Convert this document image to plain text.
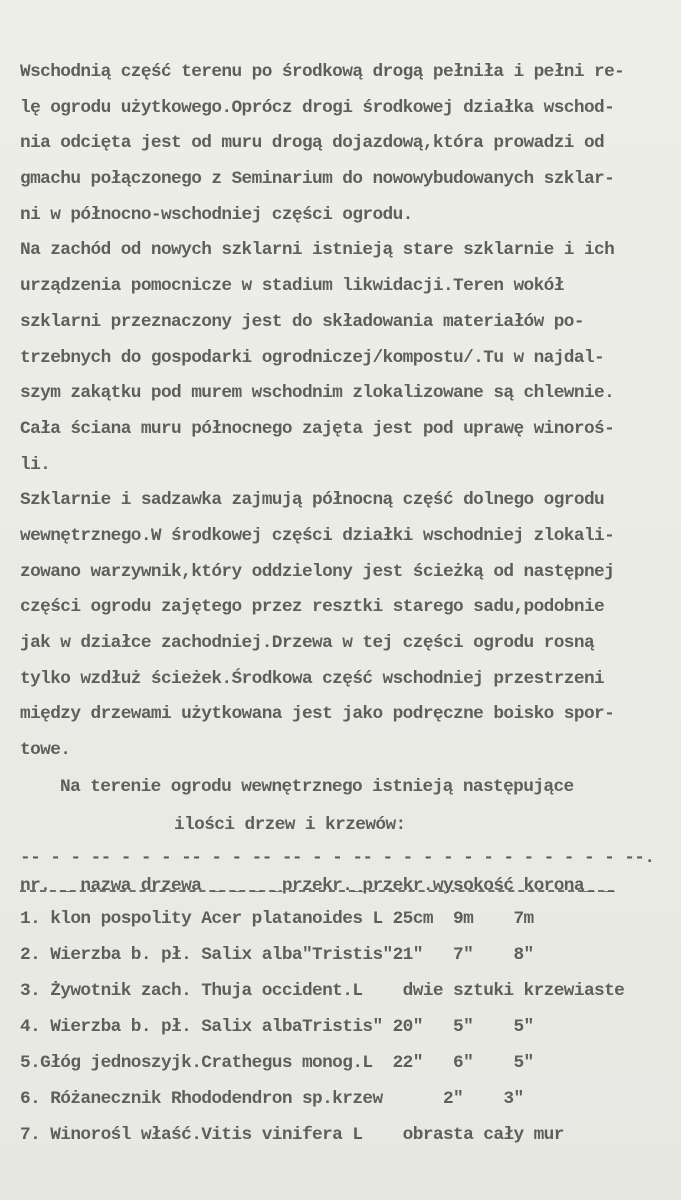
Wschodnią część terenu po środkową drogą pełniła i pełni re-
lę ogrodu użytkowego.Oprócz drogi środkowej działka wschod-
nia odcięta jest od muru drogą dojazdową,która prowadzi od
gmachu połączonego z Seminarium do nowowybudowanych szklar-
ni w północno-wschodniej części ogrodu.
Na zachód od nowych szklarni istnieją stare szklarnie i ich
urządzenia pomocnicze w stadium likwidacji.Teren wokół
szklarni przeznaczony jest do składowania materiałów po-
trzebnych do gospodarki ogrodniczej/kompostu/.Tu w najdal-
szym zakątku pod murem wschodnim zlokalizowane są chlewnie.
Cała ściana muru północnego zajęta jest pod uprawę winoroś-
li.
Szklarnie i sadzawka zajmują północną część dolnego ogrodu
wewnętrznego.W środkowej części działki wschodniej zlokali-
zowano warzywnik,który oddzielony jest ścieżką od następnej
części ogrodu zajętego przez resztki starego sadu,podobnie
jak w działce zachodniej.Drzewa w tej części ogrodu rosną
tylko wzdłuż ścieżek.Środkowa część wschodniej przestrzeni
między drzewami użytkowana jest jako podręczne boisko spor-
towe.
Na terenie ogrodu wewnętrznego istnieją następujące
ilości drzew i krzewów:
-- - - -- - - - -- - - -- -- - - -- - - - - - - - - - - - - --.
nr. _ nazwa drzewa _ _ _ _przekr._przekr.wysokość korona_ _
1. klon pospolity Acer platanoides L 25cm  9m    7m
2. Wierzba b. pł. Salix alba"Tristis"21"   7"    8"
3. Żywotnik zach. Thuja occident.L    dwie sztuki krzewiaste
4. Wierzba b. pł. Salix albaTristis" 20"   5"    5"
5.Głóg jednoszyjk.Crathegus monog.L  22"   6"    5"
6. Różanecznik Rhododendron sp.krzew      2"    3"
7. Winorośl właść.Vitis vinifera L    obrasta cały mur
